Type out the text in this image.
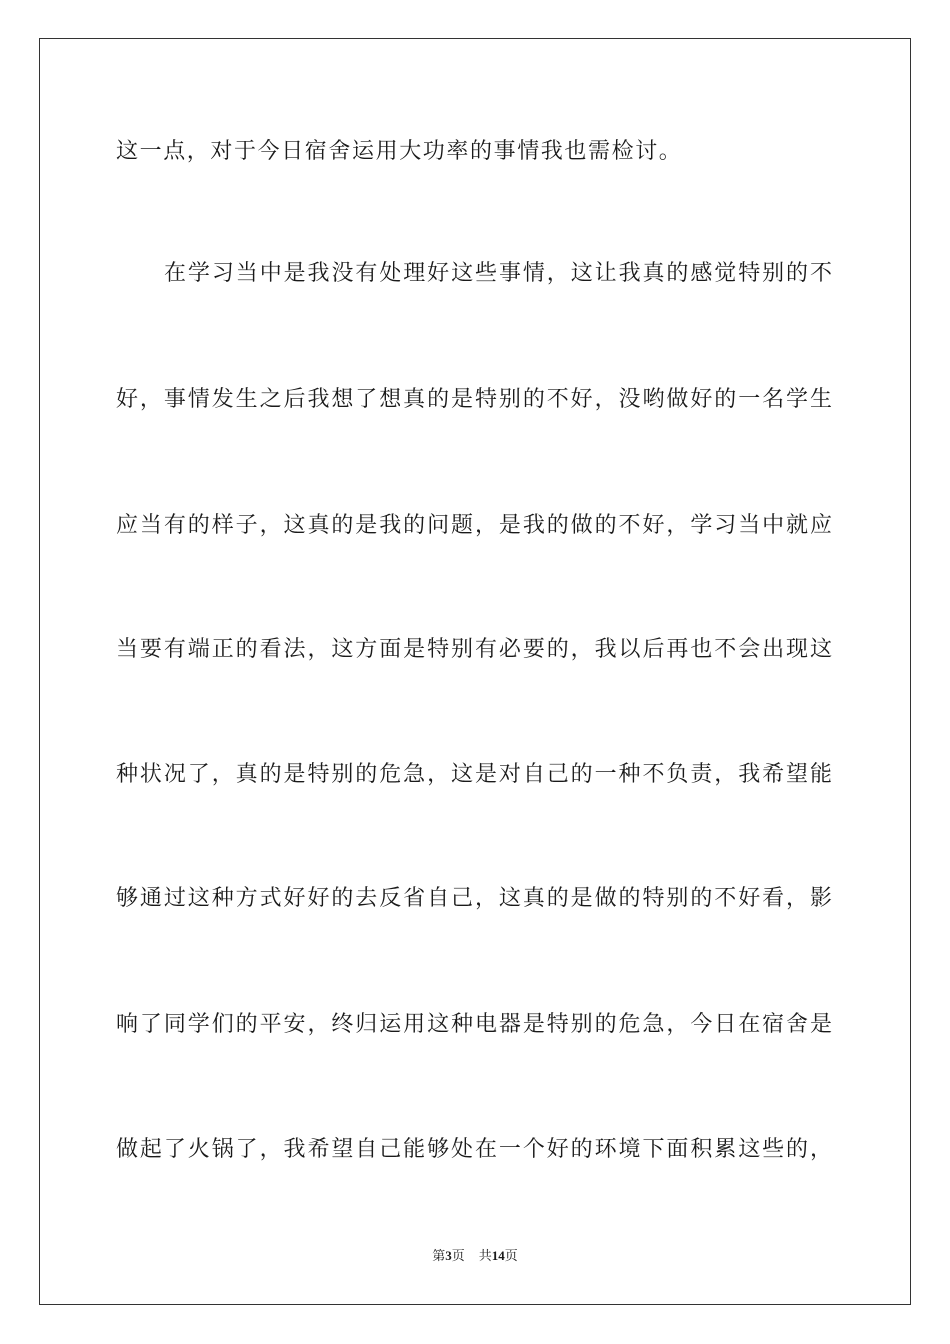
这一点，对于今日宿舍运用大功率的事情我也需检讨。
在学习当中是我没有处理好这些事情，这让我真的感觉特别的不
好，事情发生之后我想了想真的是特别的不好，没哟做好的一名学生
应当有的样子，这真的是我的问题，是我的做的不好，学习当中就应
当要有端正的看法，这方面是特别有必要的，我以后再也不会出现这
种状况了，真的是特别的危急，这是对自己的一种不负责，我希望能
够通过这种方式好好的去反省自己，这真的是做的特别的不好看，影
响了同学们的平安，终归运用这种电器是特别的危急，今日在宿舍是
做起了火锅了，我希望自己能够处在一个好的环境下面积累这些的，
第3页 共14页
